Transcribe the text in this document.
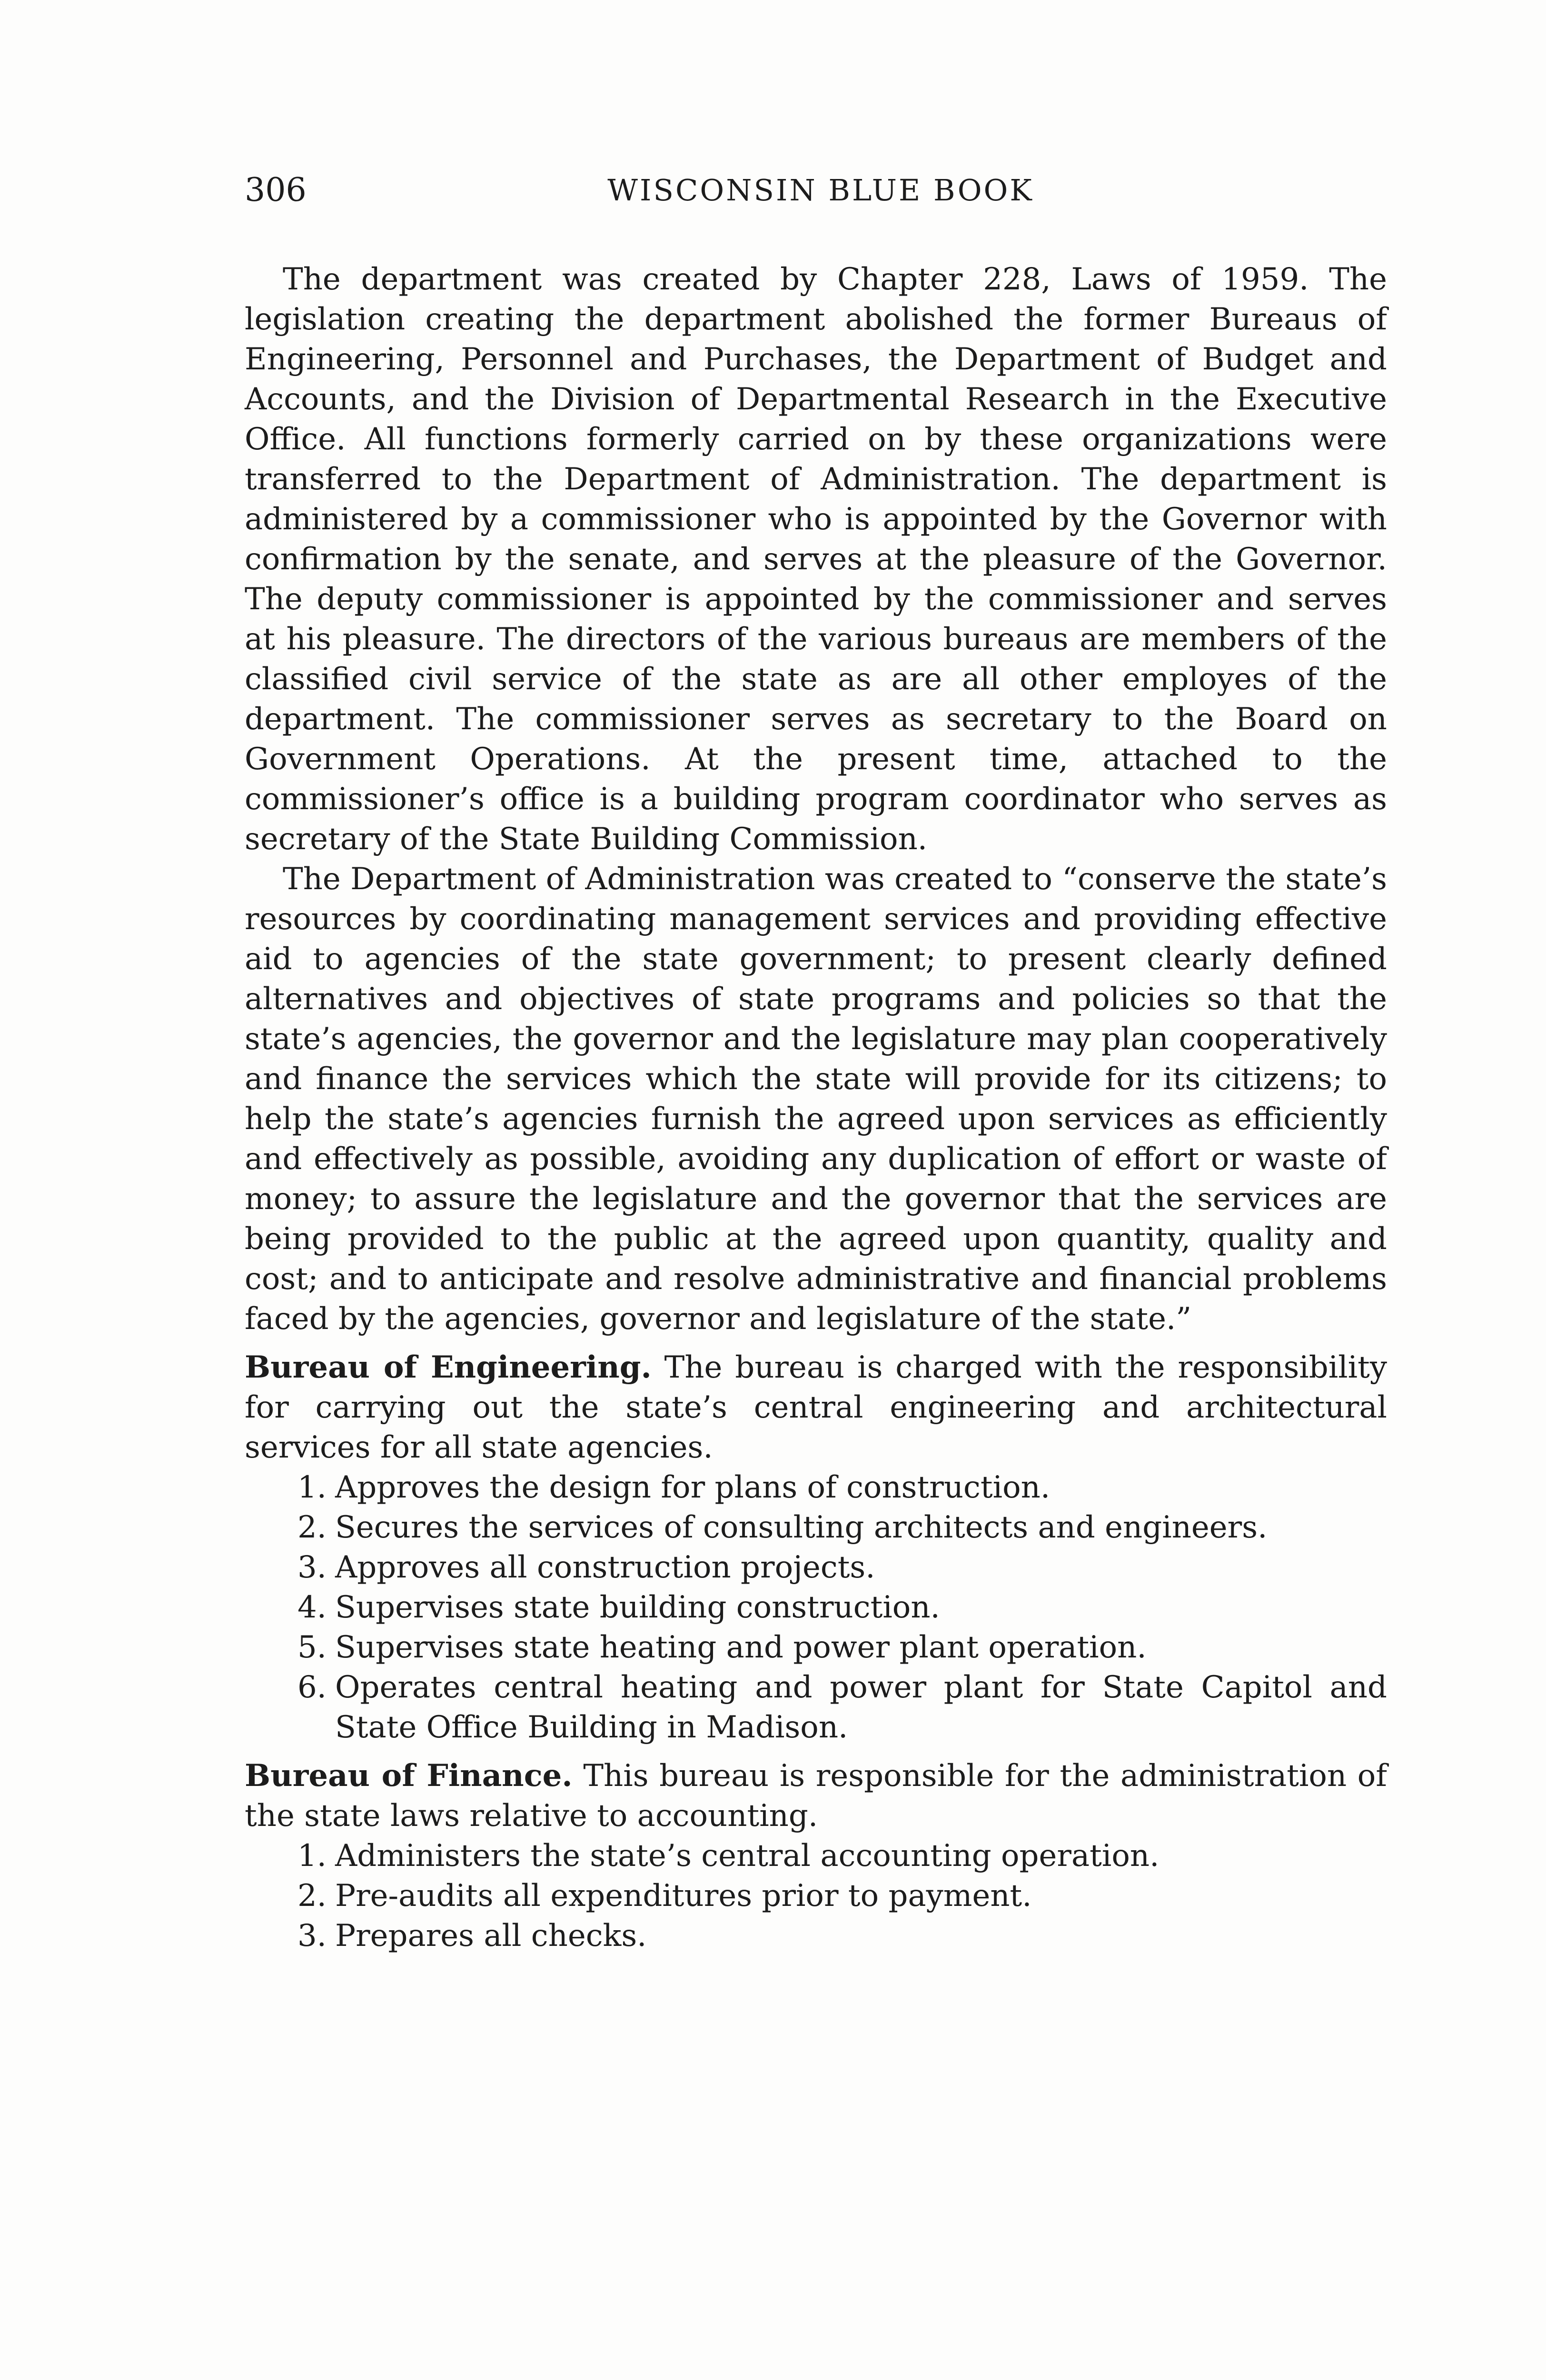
306	WISCONSIN BLUE BOOK

The department was created by Chapter 228, Laws of 1959. The legislation creating the department abolished the former Bureaus of Engineering, Personnel and Purchases, the Department of Budget and Accounts, and the Division of Departmental Research in the Executive Office. All functions formerly carried on by these organizations were transferred to the Department of Administration. The department is administered by a commissioner who is appointed by the Governor with confirmation by the senate, and serves at the pleasure of the Governor. The deputy commissioner is appointed by the commissioner and serves at his pleasure. The directors of the various bureaus are members of the classified civil service of the state as are all other employes of the department. The commissioner serves as secretary to the Board on Government Operations. At the present time, attached to the commissioner’s office is a building program coordinator who serves as secretary of the State Building Commission.

The Department of Administration was created to “conserve the state’s resources by coordinating management services and providing effective aid to agencies of the state government; to present clearly defined alternatives and objectives of state programs and policies so that the state’s agencies, the governor and the legislature may plan cooperatively and finance the services which the state will provide for its citizens; to help the state’s agencies furnish the agreed upon services as efficiently and effectively as possible, avoiding any duplication of effort or waste of money; to assure the legislature and the governor that the services are being provided to the public at the agreed upon quantity, quality and cost; and to anticipate and resolve administrative and financial problems faced by the agencies, governor and legislature of the state.”

Bureau of Engineering. The bureau is charged with the responsibility for carrying out the state’s central engineering and architectural services for all state agencies.

1. Approves the design for plans of construction.
2. Secures the services of consulting architects and engineers.
3. Approves all construction projects.
4. Supervises state building construction.
5. Supervises state heating and power plant operation.
6. Operates central heating and power plant for State Capitol and State Office Building in Madison.

Bureau of Finance. This bureau is responsible for the administration of the state laws relative to accounting.

1. Administers the state’s central accounting operation.
2. Pre-audits all expenditures prior to payment.
3. Prepares all checks.
